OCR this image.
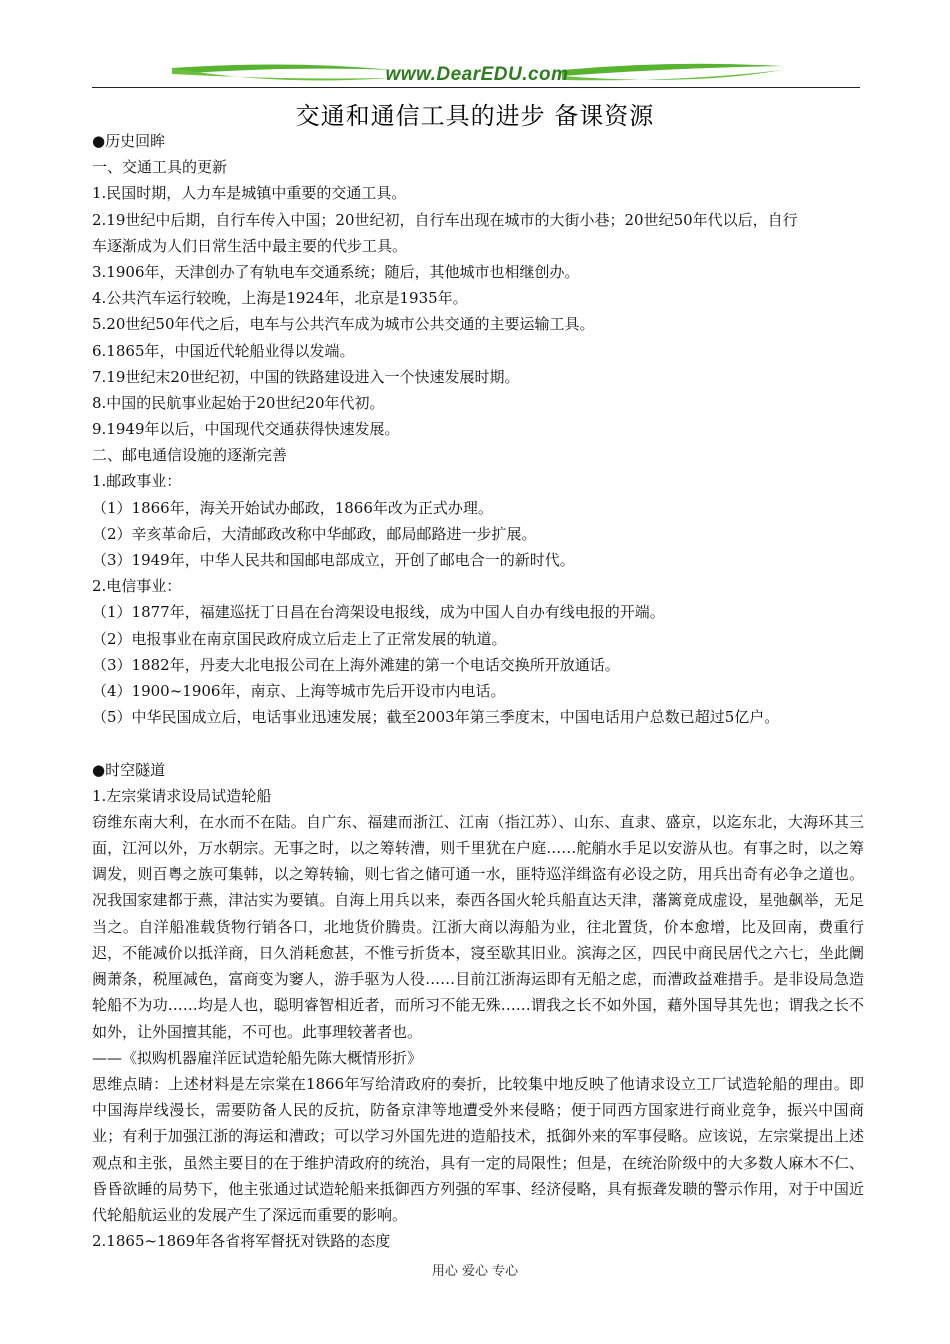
www.DearEDU.com
交通和通信工具的进步 备课资源
●历史回眸
一、交通工具的更新
1.民国时期，人力车是城镇中重要的交通工具。
2.19世纪中后期，自行车传入中国；20世纪初，自行车出现在城市的大街小巷；20世纪50年代以后，自行
车逐渐成为人们日常生活中最主要的代步工具。
3.1906年，天津创办了有轨电车交通系统；随后，其他城市也相继创办。
4.公共汽车运行较晚，上海是1924年，北京是1935年。
5.20世纪50年代之后，电车与公共汽车成为城市公共交通的主要运输工具。
6.1865年，中国近代轮船业得以发端。
7.19世纪末20世纪初，中国的铁路建设进入一个快速发展时期。
8.中国的民航事业起始于20世纪20年代初。
9.1949年以后，中国现代交通获得快速发展。
二、邮电通信设施的逐渐完善
1.邮政事业：
（1）1866年，海关开始试办邮政，1866年改为正式办理。
（2）辛亥革命后，大清邮政改称中华邮政，邮局邮路进一步扩展。
（3）1949年，中华人民共和国邮电部成立，开创了邮电合一的新时代。
2.电信事业：
（1）1877年，福建巡抚丁日昌在台湾架设电报线，成为中国人自办有线电报的开端。
（2）电报事业在南京国民政府成立后走上了正常发展的轨道。
（3）1882年，丹麦大北电报公司在上海外滩建的第一个电话交换所开放通话。
（4）1900~1906年，南京、上海等城市先后开设市内电话。
（5）中华民国成立后，电话事业迅速发展；截至2003年第三季度末，中国电话用户总数已超过5亿户。
●时空隧道
1.左宗棠请求设局试造轮船
窃维东南大利，在水而不在陆。自广东、福建而浙江、江南（指江苏）、山东、直隶、盛京，以迄东北，大海环其三面，江河以外，万水朝宗。无事之时，以之筹转漕，则千里犹在户庭……舵艄水手足以安游从也。有事之时，以之筹调发，则百粤之族可集韩，以之筹转输，则七省之储可通一水，匪特巡洋缉盗有必设之防，用兵出奇有必争之道也。况我国家建都于燕，津沽实为要镇。自海上用兵以来，泰西各国火轮兵船直达天津，藩篱竟成虚设，星弛飙举，无足当之。自洋船准载货物行销各口，北地货价腾贵。江浙大商以海船为业，往北置货，价本愈增，比及回南，费重行迟，不能减价以抵洋商，日久消耗愈甚，不惟亏折货本，寖至歇其旧业。滨海之区，四民中商民居代之六七，坐此阛阓萧条，税厘减色，富商变为窭人，游手驱为人役……目前江浙海运即有无船之虑，而漕政益难措手。是非设局急造轮船不为功……均是人也，聪明睿智相近者，而所习不能无殊……谓我之长不如外国，藉外国导其先也；谓我之长不如外，让外国擅其能，不可也。此事理较著者也。
——《拟购机器雇洋匠试造轮船先陈大概情形折》
思维点睛：上述材料是左宗棠在1866年写给清政府的奏折，比较集中地反映了他请求设立工厂试造轮船的理由。即中国海岸线漫长，需要防备人民的反抗，防备京津等地遭受外来侵略；便于同西方国家进行商业竞争，振兴中国商业；有利于加强江浙的海运和漕政；可以学习外国先进的造船技术，抵御外来的军事侵略。应该说，左宗棠提出上述观点和主张，虽然主要目的在于维护清政府的统治，具有一定的局限性；但是，在统治阶级中的大多数人麻木不仁、昏昏欲睡的局势下，他主张通过试造轮船来抵御西方列强的军事、经济侵略，具有振聋发聩的警示作用，对于中国近代轮船航运业的发展产生了深远而重要的影响。
2.1865~1869年各省将军督抚对铁路的态度
用心 爱心 专心
